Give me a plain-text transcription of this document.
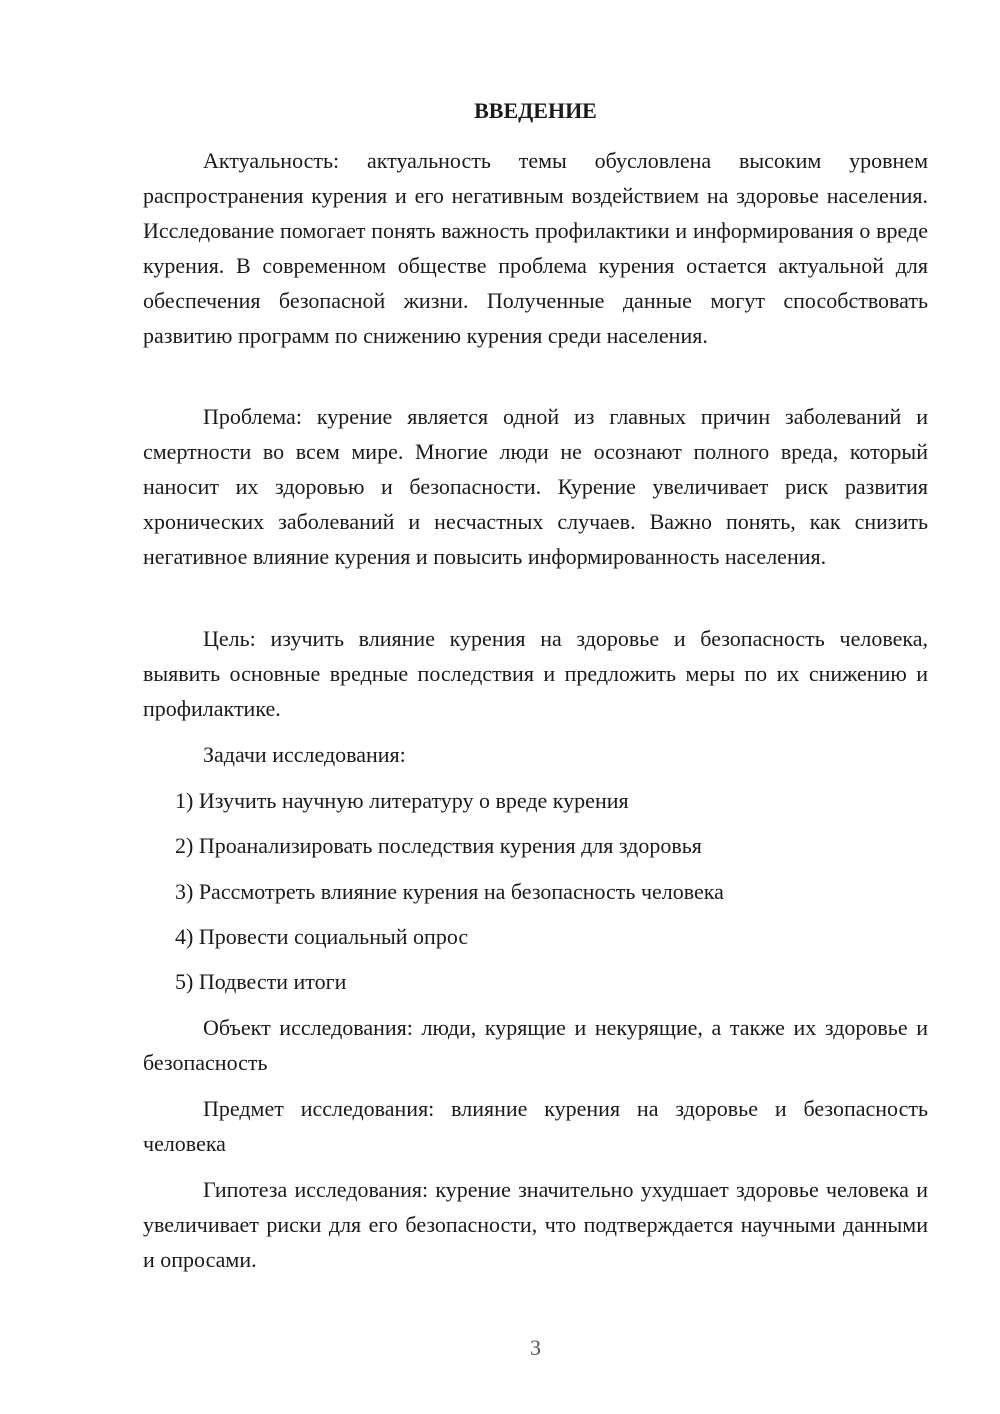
ВВЕДЕНИЕ

Актуальность: актуальность темы обусловлена высоким уровнем распространения курения и его негативным воздействием на здоровье населения. Исследование помогает понять важность профилактики и информирования о вреде курения. В современном обществе проблема курения остается актуальной для обеспечения безопасной жизни. Полученные данные могут способствовать развитию программ по снижению курения среди населения.

Проблема: курение является одной из главных причин заболеваний и смертности во всем мире. Многие люди не осознают полного вреда, который наносит их здоровью и безопасности. Курение увеличивает риск развития хронических заболеваний и несчастных случаев. Важно понять, как снизить негативное влияние курения и повысить информированность населения.

Цель: изучить влияние курения на здоровье и безопасность человека, выявить основные вредные последствия и предложить меры по их снижению и профилактике.

Задачи исследования:

1) Изучить научную литературу о вреде курения

2) Проанализировать последствия курения для здоровья

3) Рассмотреть влияние курения на безопасность человека

4) Провести социальный опрос

5) Подвести итоги

Объект исследования: люди, курящие и некурящие, а также их здоровье и безопасность

Предмет исследования: влияние курения на здоровье и безопасность человека

Гипотеза исследования: курение значительно ухудшает здоровье человека и увеличивает риски для его безопасности, что подтверждается научными данными и опросами.

3
